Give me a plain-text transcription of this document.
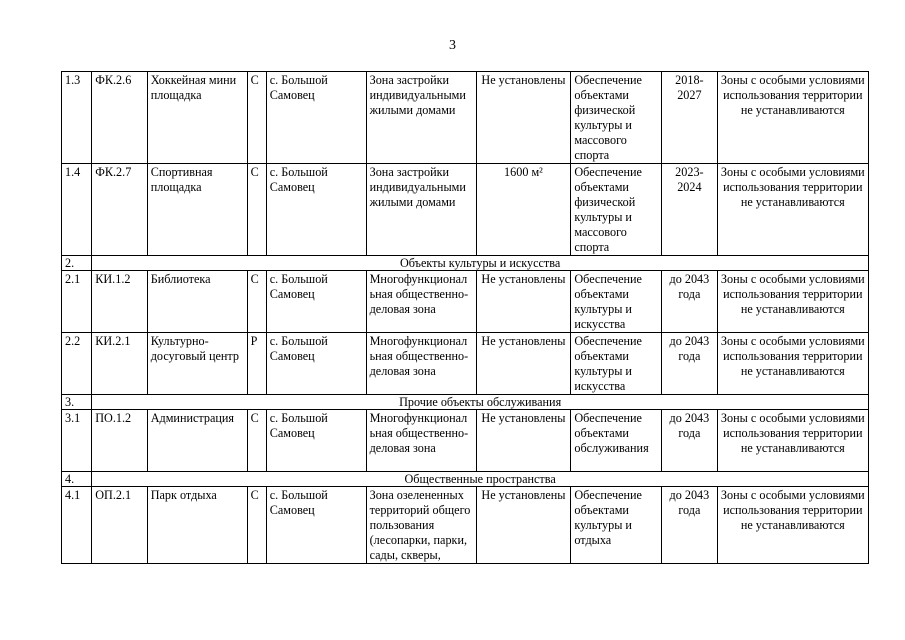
3
1.3	ФК.2.6	Хоккейная мини площадка	С	с. Большой Самовец	Зона застройки индивидуальными жилыми домами	Не установлены	Обеспечение объектами физической культуры и массового спорта	2018-2027	Зоны с особыми условиями использования территории не устанавливаются
1.4	ФК.2.7	Спортивная площадка	С	с. Большой Самовец	Зона застройки индивидуальными жилыми домами	1600 м²	Обеспечение объектами физической культуры и массового спорта	2023-2024	Зоны с особыми условиями использования территории не устанавливаются
2.	Объекты культуры и искусства								
2.1	КИ.1.2	Библиотека	С	с. Большой Самовец	Многофункционал ьная общественно-деловая зона	Не установлены	Обеспечение объектами культуры и искусства	до 2043 года	Зоны с особыми условиями использования территории не устанавливаются
2.2	КИ.2.1	Культурно-досуговый центр	Р	с. Большой Самовец	Многофункционал ьная общественно-деловая зона	Не установлены	Обеспечение объектами культуры и искусства	до 2043 года	Зоны с особыми условиями использования территории не устанавливаются
3.	Прочие объекты обслуживания								
3.1	ПО.1.2	Администрация	С	с. Большой Самовец	Многофункционал ьная общественно-деловая зона	Не установлены	Обеспечение объектами обслуживания	до 2043 года	Зоны с особыми условиями использования территории не устанавливаются
4.	Общественные пространства								
4.1	ОП.2.1	Парк отдыха	С	с. Большой Самовец	Зона озелененных территорий общего пользования (лесопарки, парки, сады, скверы,	Не установлены	Обеспечение объектами культуры и отдыха	до 2043 года	Зоны с особыми условиями использования территории не устанавливаются
